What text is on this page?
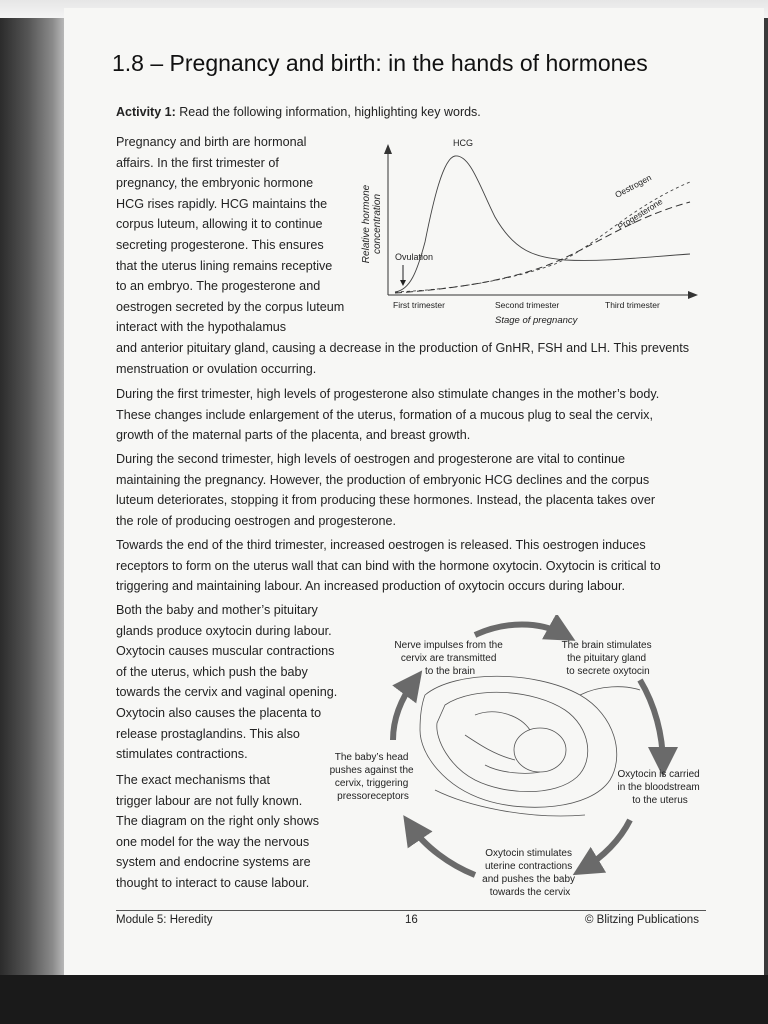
1.8 – Pregnancy and birth: in the hands of hormones
Activity 1: Read the following information, highlighting key words.
Pregnancy and birth are hormonal
affairs. In the first trimester of
pregnancy, the embryonic hormone
HCG rises rapidly. HCG maintains the
corpus luteum, allowing it to continue
secreting progesterone. This ensures
that the uterus lining remains receptive
to an embryo. The progesterone and
oestrogen secreted by the corpus luteum
interact with the hypothalamus
and anterior pituitary gland, causing a decrease in the production of GnHR, FSH and LH. This prevents
menstruation or ovulation occurring.
During the first trimester, high levels of progesterone also stimulate changes in the mother’s body.
These changes include enlargement of the uterus, formation of a mucous plug to seal the cervix,
growth of the maternal parts of the placenta, and breast growth.
During the second trimester, high levels of oestrogen and progesterone are vital to continue
maintaining the pregnancy. However, the production of embryonic HCG declines and the corpus
luteum deteriorates, stopping it from producing these hormones. Instead, the placenta takes over
the role of producing oestrogen and progesterone.
Towards the end of the third trimester, increased oestrogen is released. This oestrogen induces
receptors to form on the uterus wall that can bind with the hormone oxytocin. Oxytocin is critical to
triggering and maintaining labour. An increased production of oxytocin occurs during labour.
Both the baby and mother’s pituitary
glands produce oxytocin during labour.
Oxytocin causes muscular contractions
of the uterus, which push the baby
towards the cervix and vaginal opening.
Oxytocin also causes the placenta to
release prostaglandins. This also
stimulates contractions.
The exact mechanisms that
trigger labour are not fully known.
The diagram on the right only shows
one model for the way the nervous
system and endocrine systems are
thought to interact to cause labour.
Relative hormone concentration
HCG
Oestrogen
Progesterone
Ovulation
First trimester	Second trimester	Third trimester
Stage of pregnancy
Nerve impulses from the cervix are transmitted to the brain
The brain stimulates the pituitary gland to secrete oxytocin
Oxytocin is carried in the bloodstream to the uterus
Oxytocin stimulates uterine contractions and pushes the baby towards the cervix
The baby’s head pushes against the cervix, triggering pressoreceptors
Module 5: Heredity	16	© Blitzing Publications
